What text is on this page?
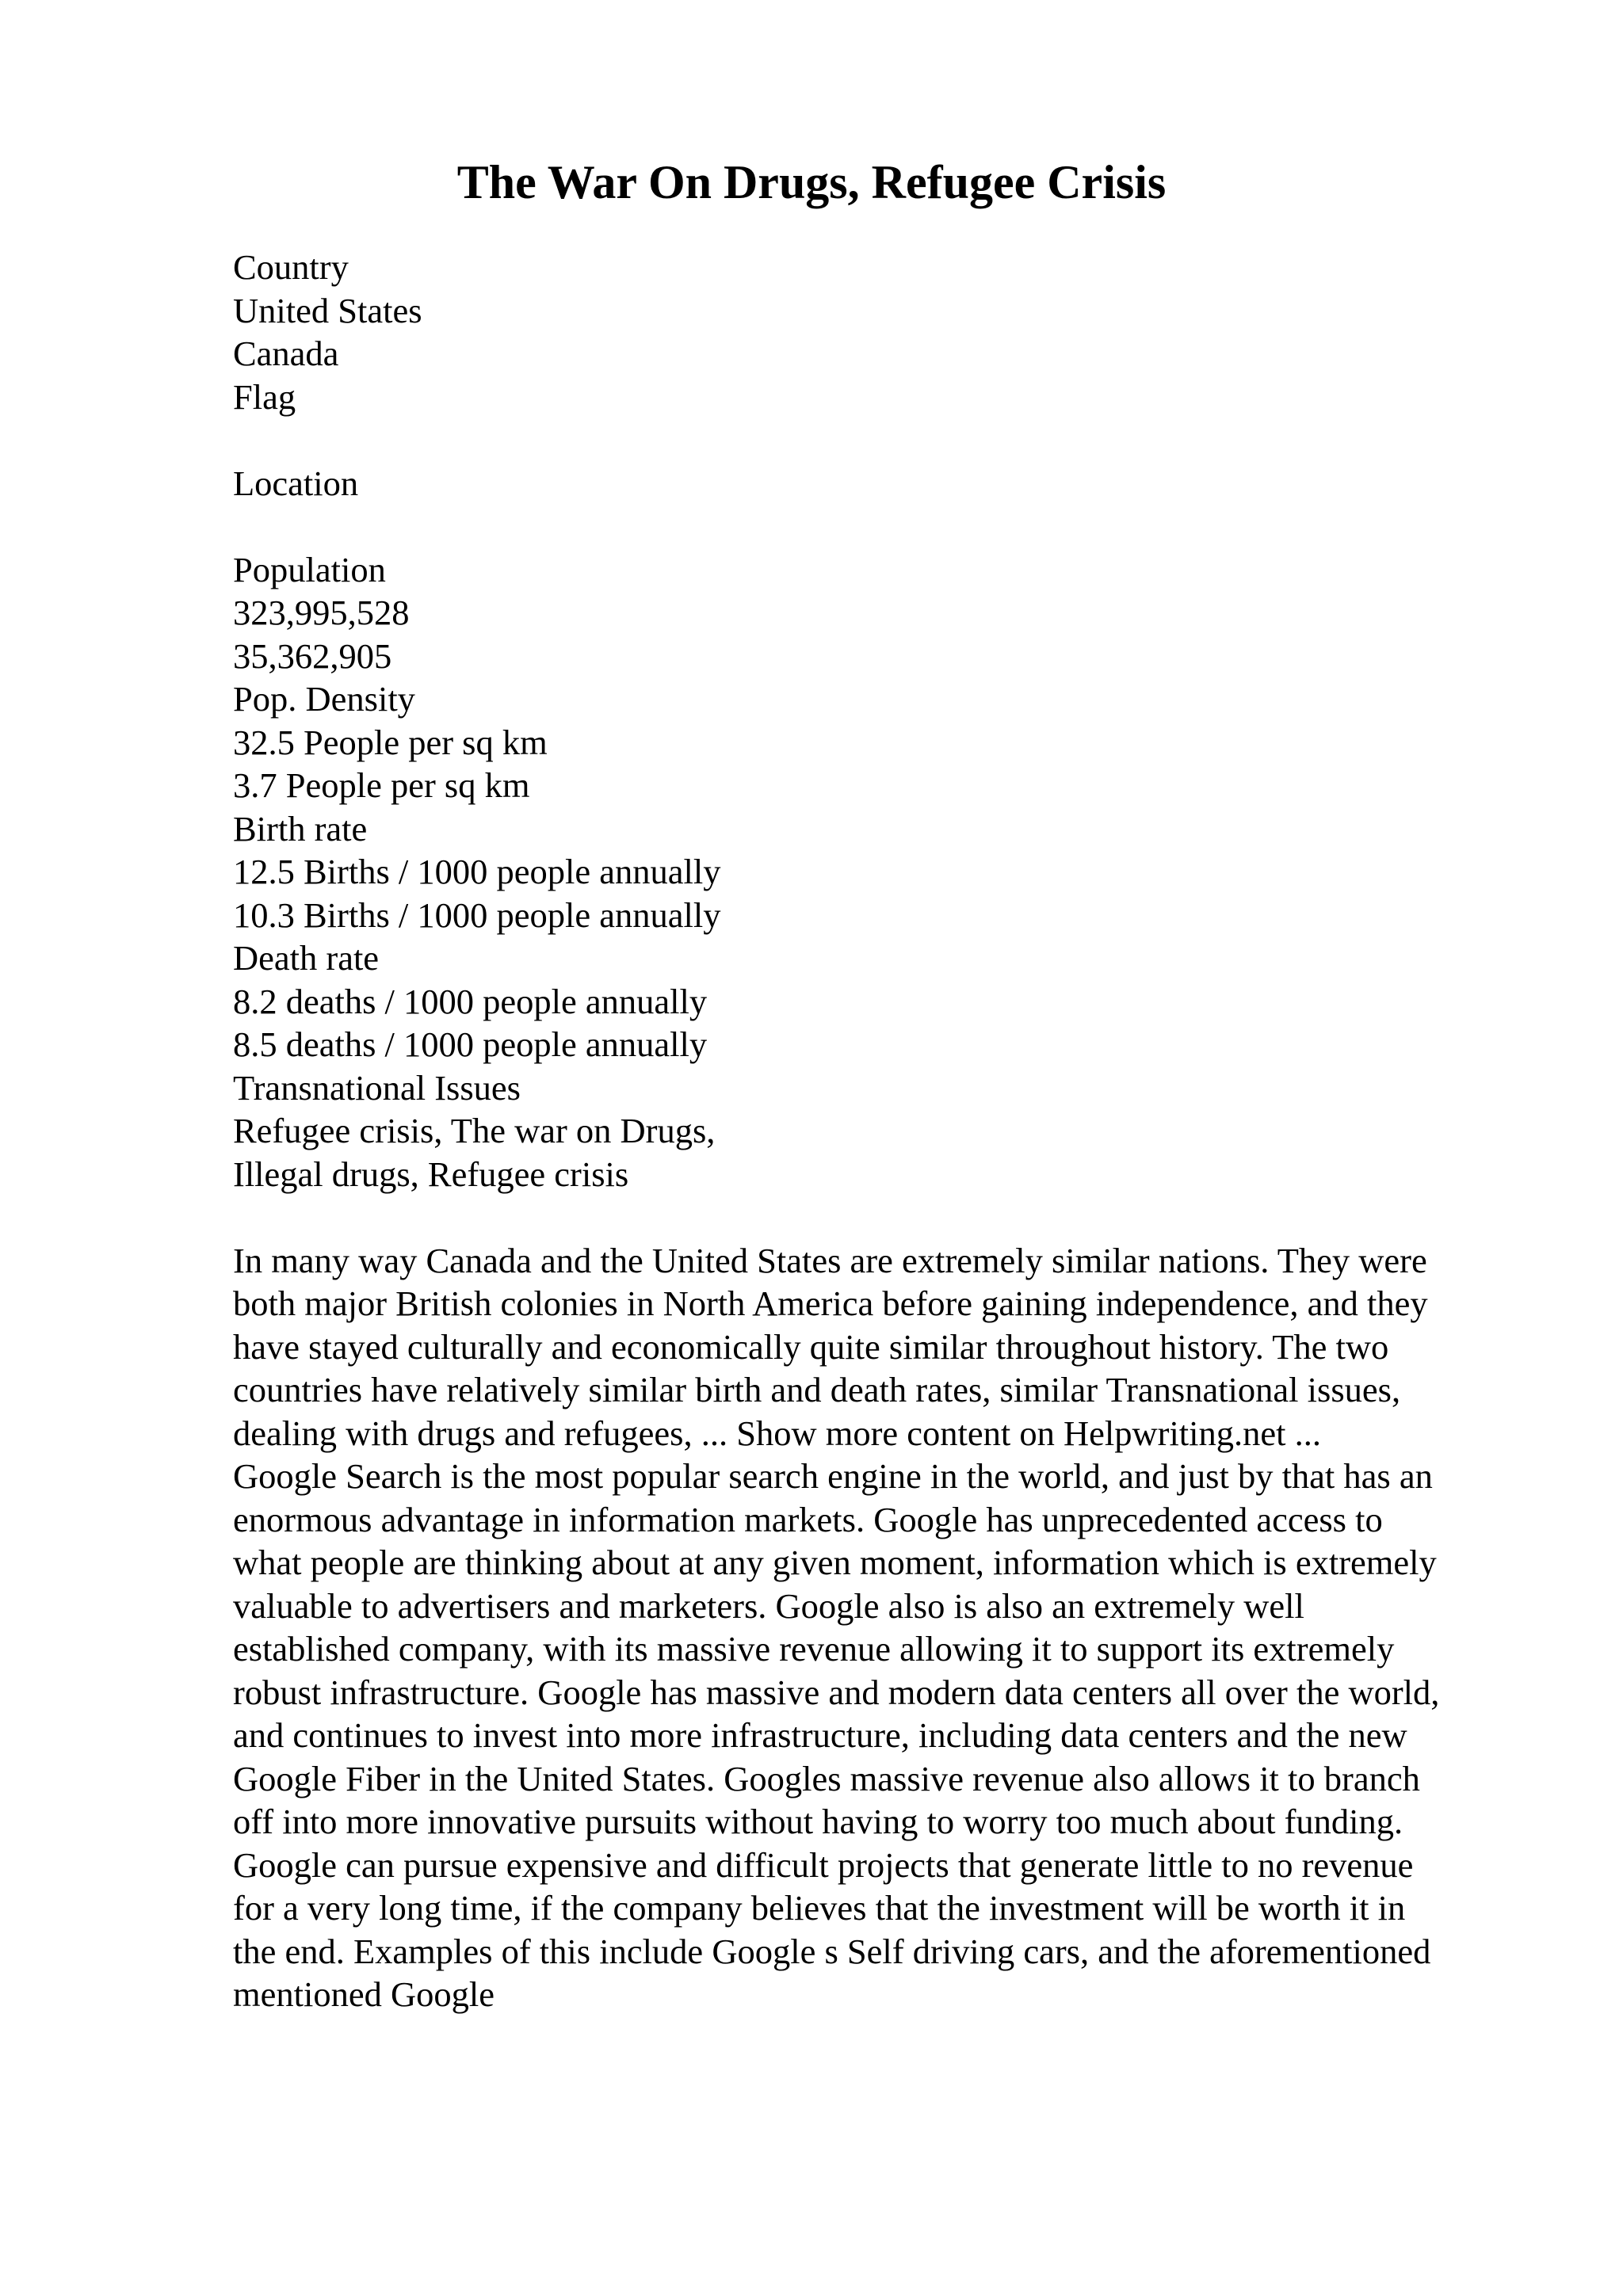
The War On Drugs, Refugee Crisis
Country
United States
Canada
Flag
Location
Population
323,995,528
35,362,905
Pop. Density
32.5 People per sq km
3.7 People per sq km
Birth rate
12.5 Births / 1000 people annually
10.3 Births / 1000 people annually
Death rate
8.2 deaths / 1000 people annually
8.5 deaths / 1000 people annually
Transnational Issues
Refugee crisis, The war on Drugs,
Illegal drugs, Refugee crisis
In many way Canada and the United States are extremely similar nations. They were
both major British colonies in North America before gaining independence, and they
have stayed culturally and economically quite similar throughout history. The two
countries have relatively similar birth and death rates, similar Transnational issues,
dealing with drugs and refugees, ... Show more content on Helpwriting.net ...
Google Search is the most popular search engine in the world, and just by that has an
enormous advantage in information markets. Google has unprecedented access to
what people are thinking about at any given moment, information which is extremely
valuable to advertisers and marketers. Google also is also an extremely well
established company, with its massive revenue allowing it to support its extremely
robust infrastructure. Google has massive and modern data centers all over the world,
and continues to invest into more infrastructure, including data centers and the new
Google Fiber in the United States. Googles massive revenue also allows it to branch
off into more innovative pursuits without having to worry too much about funding.
Google can pursue expensive and difficult projects that generate little to no revenue
for a very long time, if the company believes that the investment will be worth it in
the end. Examples of this include Google s Self driving cars, and the aforementioned
mentioned Google
